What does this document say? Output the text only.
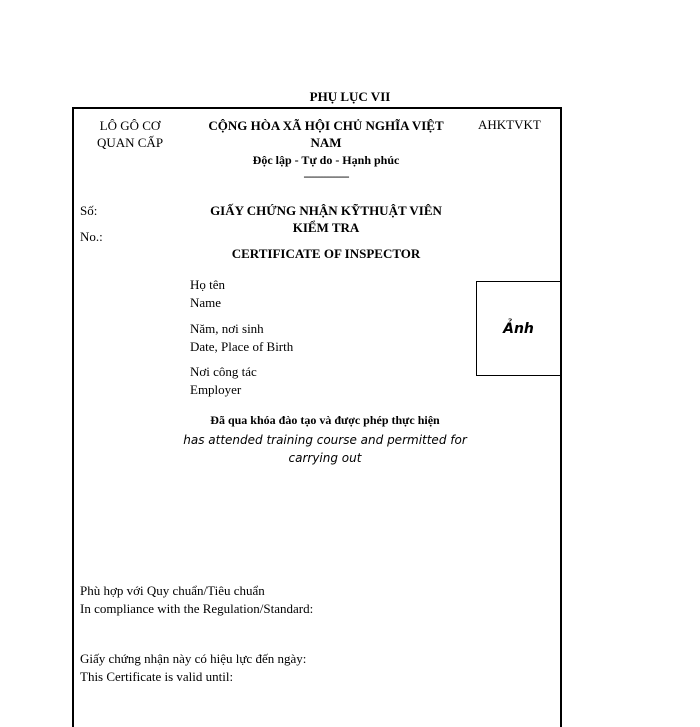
PHỤ LỤC VII
LÔ GÔ CƠ
QUAN CẤP
CỘNG HÒA XÃ HỘI CHỦ NGHĨA VIỆT
NAM
Độc lập - Tự do - Hạnh phúc
---------------
AHKTVKT
Số:
No.:
GIẤY CHỨNG NHẬN KỸTHUẬT VIÊN
KIỂM TRA
CERTIFICATE OF INSPECTOR
Họ tên
Name
Năm, nơi sinh
Date, Place of Birth
Nơi công tác
Employer
Ảnh
Đã qua khóa đào tạo và được phép thực hiện
has attended training course and permitted for
carrying out
Phù hợp với Quy chuẩn/Tiêu chuẩn
In compliance with the Regulation/Standard:
Giấy chứng nhận này có hiệu lực đến ngày:
This Certificate is valid until:
